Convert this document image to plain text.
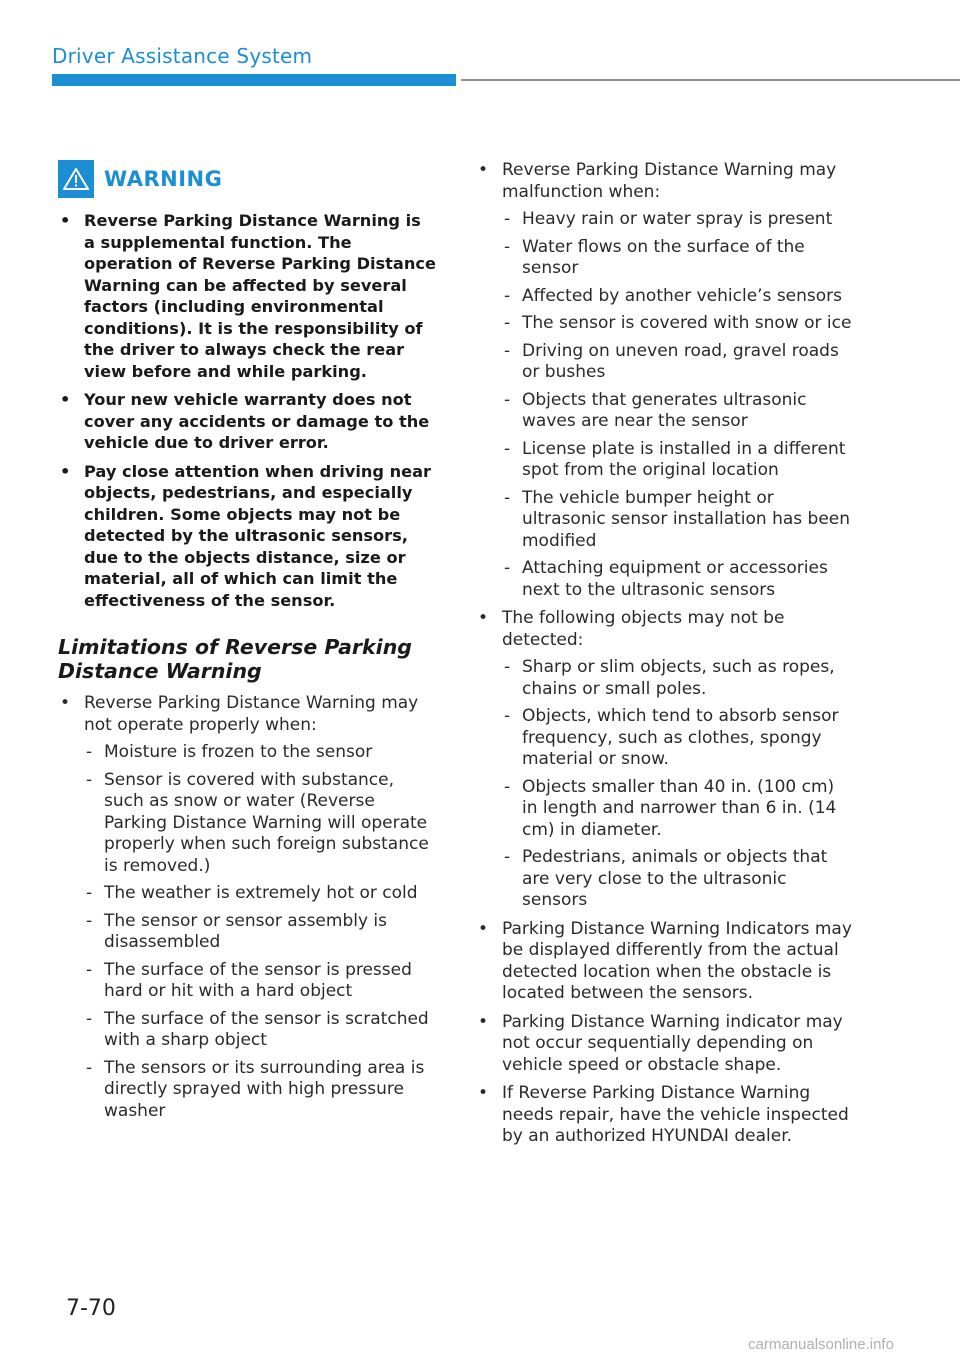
Driver Assistance System
WARNING
• Reverse Parking Distance Warning is a supplemental function. The operation of Reverse Parking Distance Warning can be affected by several factors (including environmental conditions). It is the responsibility of the driver to always check the rear view before and while parking.
• Your new vehicle warranty does not cover any accidents or damage to the vehicle due to driver error.
• Pay close attention when driving near objects, pedestrians, and especially children. Some objects may not be detected by the ultrasonic sensors, due to the objects distance, size or material, all of which can limit the effectiveness of the sensor.
Limitations of Reverse Parking Distance Warning
• Reverse Parking Distance Warning may not operate properly when:
- Moisture is frozen to the sensor
- Sensor is covered with substance, such as snow or water (Reverse Parking Distance Warning will operate properly when such foreign substance is removed.)
- The weather is extremely hot or cold
- The sensor or sensor assembly is disassembled
- The surface of the sensor is pressed hard or hit with a hard object
- The surface of the sensor is scratched with a sharp object
- The sensors or its surrounding area is directly sprayed with high pressure washer
• Reverse Parking Distance Warning may malfunction when:
- Heavy rain or water spray is present
- Water flows on the surface of the sensor
- Affected by another vehicle’s sensors
- The sensor is covered with snow or ice
- Driving on uneven road, gravel roads or bushes
- Objects that generates ultrasonic waves are near the sensor
- License plate is installed in a different spot from the original location
- The vehicle bumper height or ultrasonic sensor installation has been modified
- Attaching equipment or accessories next to the ultrasonic sensors
• The following objects may not be detected:
- Sharp or slim objects, such as ropes, chains or small poles.
- Objects, which tend to absorb sensor frequency, such as clothes, spongy material or snow.
- Objects smaller than 40 in. (100 cm) in length and narrower than 6 in. (14 cm) in diameter.
- Pedestrians, animals or objects that are very close to the ultrasonic sensors
• Parking Distance Warning Indicators may be displayed differently from the actual detected location when the obstacle is located between the sensors.
• Parking Distance Warning indicator may not occur sequentially depending on vehicle speed or obstacle shape.
• If Reverse Parking Distance Warning needs repair, have the vehicle inspected by an authorized HYUNDAI dealer.
7-70
carmanualsonline.info
